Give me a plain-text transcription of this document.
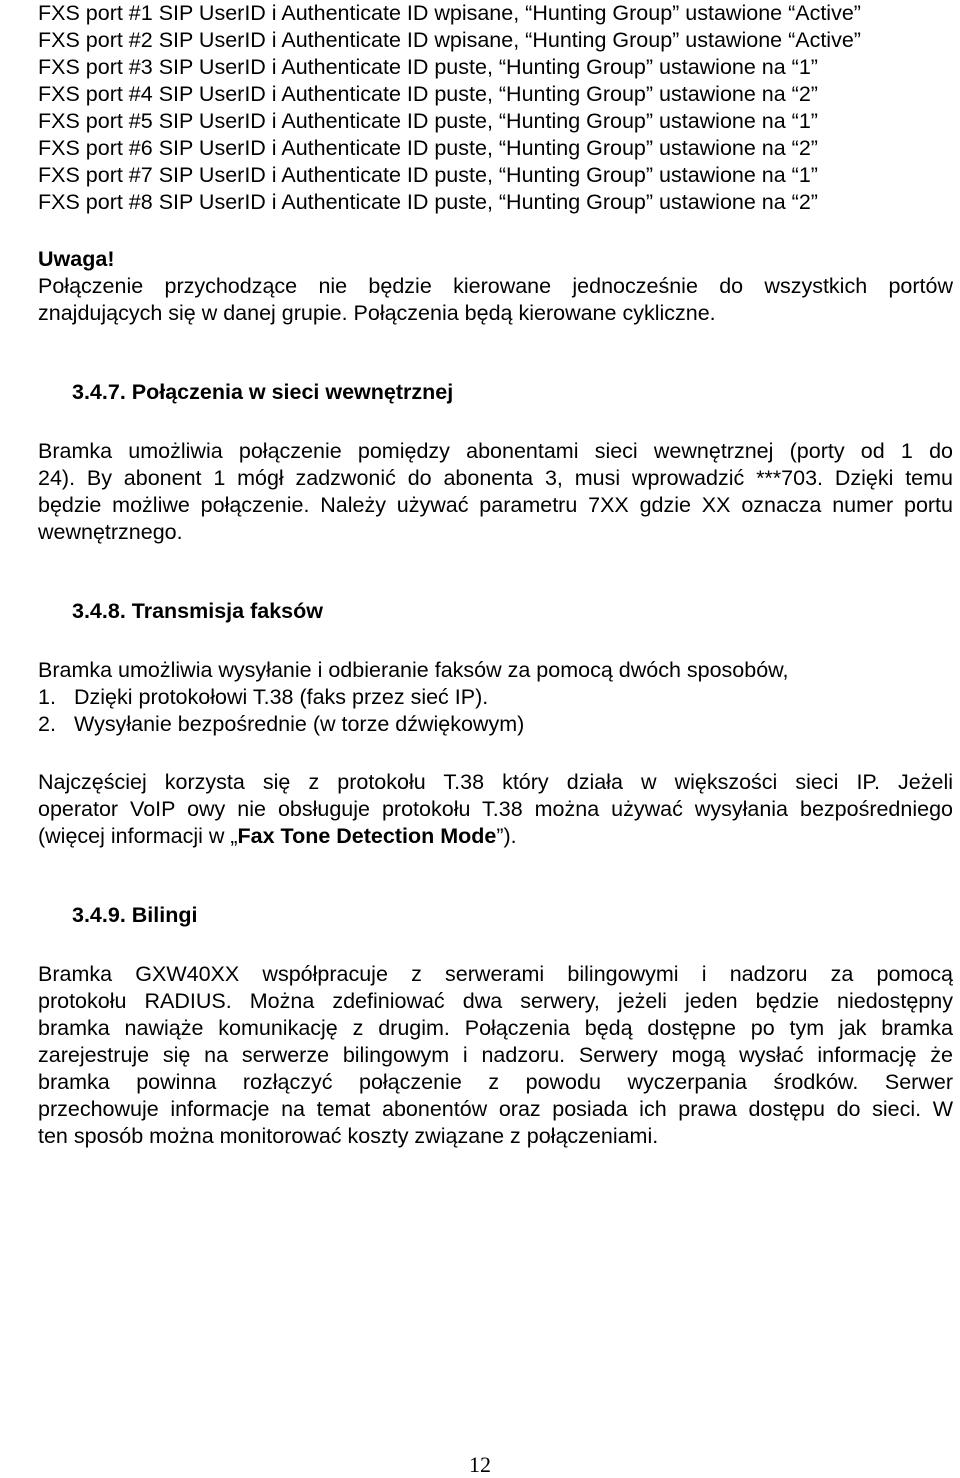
FXS port #1 SIP UserID i Authenticate ID wpisane, “Hunting Group” ustawione “Active”
FXS port #2 SIP UserID i Authenticate ID wpisane, “Hunting Group” ustawione “Active”
FXS port #3 SIP UserID i Authenticate ID puste, “Hunting Group” ustawione na “1”
FXS port #4 SIP UserID i Authenticate ID puste, “Hunting Group” ustawione na “2”
FXS port #5 SIP UserID i Authenticate ID puste, “Hunting Group” ustawione na “1”
FXS port #6 SIP UserID i Authenticate ID puste, “Hunting Group” ustawione na “2”
FXS port #7 SIP UserID i Authenticate ID puste, “Hunting Group” ustawione na “1”
FXS port #8 SIP UserID i Authenticate ID puste, “Hunting Group” ustawione na “2”
Uwaga!
Połączenie przychodzące nie będzie kierowane jednocześnie do wszystkich portów
znajdujących się w danej grupie. Połączenia będą kierowane cykliczne.
3.4.7. Połączenia w sieci wewnętrznej
Bramka umożliwia połączenie pomiędzy abonentami sieci wewnętrznej (porty od 1 do
24). By abonent 1 mógł zadzwonić do abonenta 3, musi wprowadzić ***703. Dzięki temu
będzie możliwe połączenie. Należy używać parametru 7XX gdzie XX oznacza numer portu
wewnętrznego.
3.4.8. Transmisja faksów
Bramka umożliwia wysyłanie i odbieranie faksów za pomocą dwóch sposobów,
1. Dzięki protokołowi T.38 (faks przez sieć IP).
2. Wysyłanie bezpośrednie (w torze dźwiękowym)
Najczęściej korzysta się z protokołu T.38 który działa w większości sieci IP. Jeżeli
operator VoIP owy nie obsługuje protokołu T.38 można używać wysyłania bezpośredniego
(więcej informacji w „Fax Tone Detection Mode”).
3.4.9. Bilingi
Bramka GXW40XX współpracuje z serwerami bilingowymi i nadzoru za pomocą
protokołu RADIUS. Można zdefiniować dwa serwery, jeżeli jeden będzie niedostępny
bramka nawiąże komunikację z drugim. Połączenia będą dostępne po tym jak bramka
zarejestruje się na serwerze bilingowym i nadzoru. Serwery mogą wysłać informację że
bramka powinna rozłączyć połączenie z powodu wyczerpania środków. Serwer
przechowuje informacje na temat abonentów oraz posiada ich prawa dostępu do sieci. W
ten sposób można monitorować koszty związane z połączeniami.
12
